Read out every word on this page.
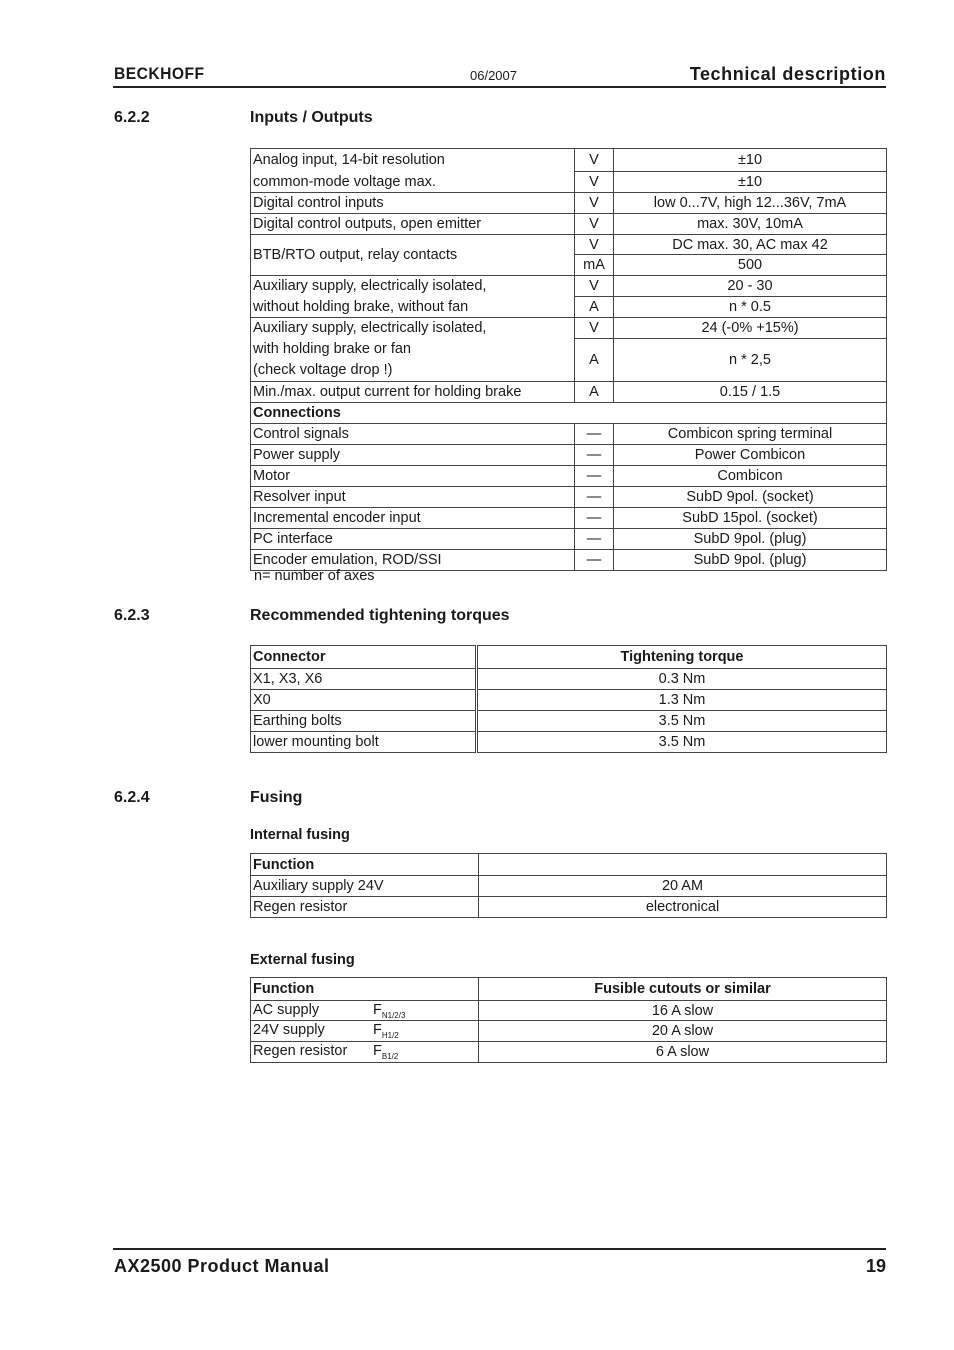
BECKHOFF	06/2007	Technical description
6.2.2	Inputs / Outputs
Analog input, 14-bit resolution	V	±10
common-mode voltage max.	V	±10
Digital control inputs	V	low 0...7V, high 12...36V, 7mA
Digital control outputs, open emitter	V	max. 30V, 10mA
BTB/RTO output, relay contacts	V	DC max. 30, AC max 42
	mA	500
Auxiliary supply, electrically isolated,	V	20 - 30
without holding brake, without fan	A	n * 0.5

Auxiliary supply, electrically isolated,
with holding brake or fan
(check voltage drop !)	V	24 (-0% +15%)
	A	n * 2,5
Min./max. output current for holding brake	A	0.15 / 1.5
Connections		
Control signals	—	Combicon spring terminal
Power supply	—	Power Combicon
Motor	—	Combicon
Resolver input	—	SubD 9pol. (socket)
Incremental encoder input	—	SubD 15pol. (socket)
PC interface	—	SubD 9pol. (plug)
Encoder emulation, ROD/SSI	—	SubD 9pol. (plug)
n= number of axes
6.2.3	Recommended tightening torques
Connector	Tightening torque
X1, X3, X6	0.3 Nm
X0	1.3 Nm
Earthing bolts	3.5 Nm
lower mounting bolt	3.5 Nm
6.2.4	Fusing
Internal fusing
Function	
Auxiliary supply 24V	20 AM
Regen resistor	electronical
External fusing
Function	Fusible cutouts or similar
AC supply $F_{N1/2/3}$	16 A slow
24V supply $F_{H1/2}$	20 A slow
Regen resistor $F_{B1/2}$	6 A slow
AX2500 Product Manual	19
